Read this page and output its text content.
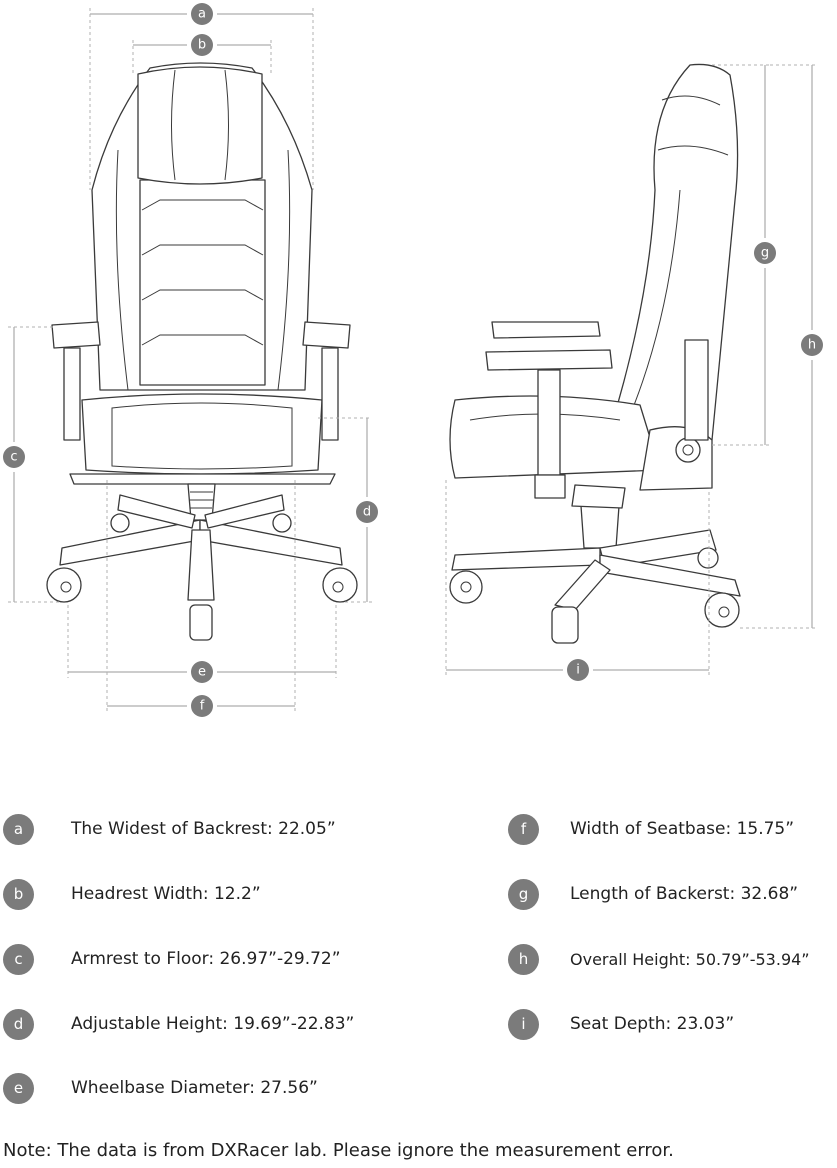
a
b
c
d
e
f
g
h
i
a	The Widest of Backrest: 22.05”
b	Headrest Width: 12.2”
c	Armrest to Floor: 26.97”-29.72”
d	Adjustable Height: 19.69”-22.83”
e	Wheelbase Diameter: 27.56”
f	Width of Seatbase: 15.75”
g	Length of Backerst: 32.68”
h	Overall Height: 50.79”-53.94”
i	Seat Depth: 23.03”
Note: The data is from DXRacer lab. Please ignore the measurement error.
